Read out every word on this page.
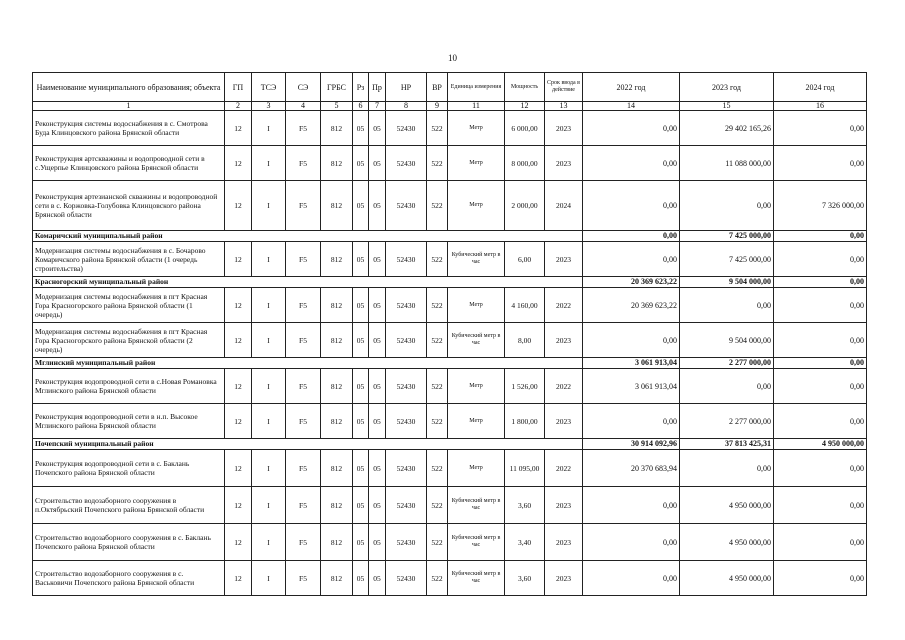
10
Наименование муниципального образования; объекта	ГП	ТСЭ	СЭ	ГРБС	Рз	Пр	НР	ВР	Единица измерения	Мощность	Срок ввода в действие	2022 год	2023 год	2024 год
1	2	3	4	5	6	7	8	9	11	12	13	14	15	16
Реконструкция системы водоснабжения в с. Смотрова Буда Клинцовского района Брянской области	12	I	F5	812	05	05	52430	522	Метр	6 000,00	2023	0,00	29 402 165,26	0,00
Реконструкция артскважины и водопроводной сети в с.Ущерпье Клинцовского района Брянской области	12	I	F5	812	05	05	52430	522	Метр	8 000,00	2023	0,00	11 088 000,00	0,00
Реконструкция артезианской скважины и водопроводной сети в с. Коржовка-Голубовка Клинцовского района Брянской области	12	I	F5	812	05	05	52430	522	Метр	2 000,00	2024	0,00	0,00	7 326 000,00
Комаричский муниципальный район												0,00	7 425 000,00	0,00
Модернизация системы водоснабжения в с. Бочарово Комаричского района Брянской области (1 очередь строительства)	12	I	F5	812	05	05	52430	522	Кубический метр в час	6,00	2023	0,00	7 425 000,00	0,00
Красногорский муниципальный район												20 369 623,22	9 504 000,00	0,00
Модернизация системы водоснабжения в пгт Красная Гора Красногорского района Брянской области (1 очередь)	12	I	F5	812	05	05	52430	522	Метр	4 160,00	2022	20 369 623,22	0,00	0,00
Модернизация системы водоснабжения в пгт Красная Гора Красногорского района Брянской области (2 очередь)	12	I	F5	812	05	05	52430	522	Кубический метр в час	8,00	2023	0,00	9 504 000,00	0,00
Мглинский муниципальный район												3 061 913,04	2 277 000,00	0,00
Реконструкция водопроводной сети в с.Новая Романовка Мглинского района Брянской области	12	I	F5	812	05	05	52430	522	Метр	1 526,00	2022	3 061 913,04	0,00	0,00
Реконструкция водопроводной сети в н.п. Высокое Мглинского района Брянской области	12	I	F5	812	05	05	52430	522	Метр	1 800,00	2023	0,00	2 277 000,00	0,00
Почепский муниципальный район												30 914 092,96	37 813 425,31	4 950 000,00
Реконструкция водопроводной сети в с. Баклань Почепского района Брянской области	12	I	F5	812	05	05	52430	522	Метр	11 095,00	2022	20 370 683,94	0,00	0,00
Строительство водозаборного сооружения в п.Октябрьский Почепского района Брянской области	12	I	F5	812	05	05	52430	522	Кубический метр в час	3,60	2023	0,00	4 950 000,00	0,00
Строительство водозаборного сооружения в с. Баклань Почепского района Брянской области	12	I	F5	812	05	05	52430	522	Кубический метр в час	3,40	2023	0,00	4 950 000,00	0,00
Строительство водозаборного сооружения в с. Васьковичи Почепского района Брянской области	12	I	F5	812	05	05	52430	522	Кубический метр в час	3,60	2023	0,00	4 950 000,00	0,00
